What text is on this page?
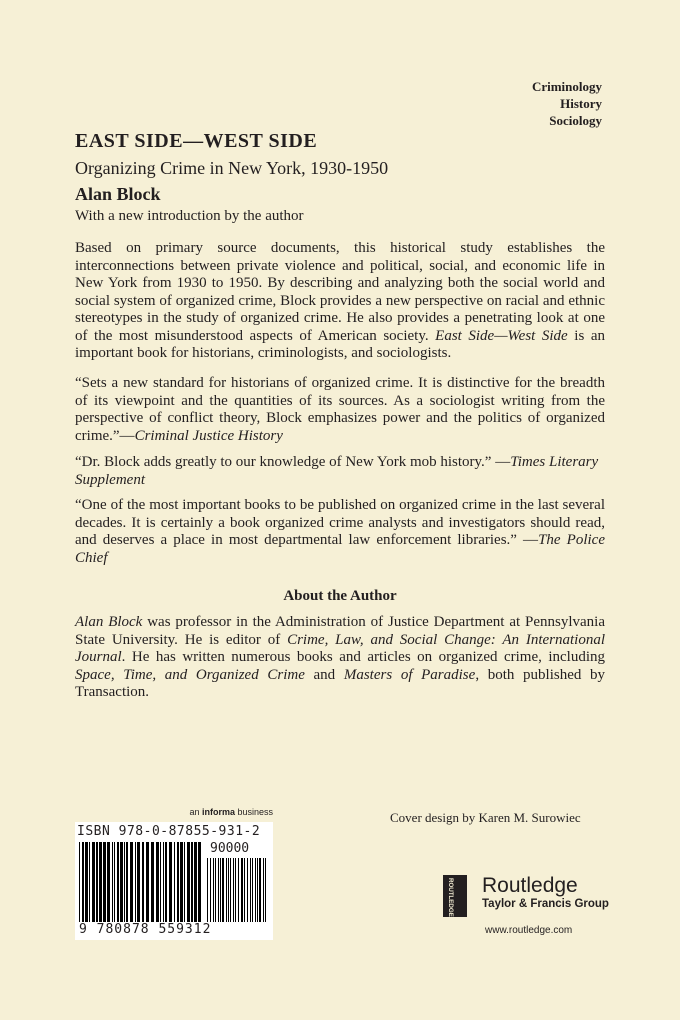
Criminology
History
Sociology
EAST SIDE—WEST SIDE
Organizing Crime in New York, 1930-1950
Alan Block
With a new introduction by the author
Based on primary source documents, this historical study establishes the interconnections between private violence and political, social, and economic life in New York from 1930 to 1950. By describing and analyzing both the social world and social system of organized crime, Block provides a new perspective on racial and ethnic stereotypes in the study of organized crime. He also provides a penetrating look at one of the most misunderstood aspects of American society. East Side—West Side is an important book for historians, criminologists, and sociologists.
“Sets a new standard for historians of organized crime. It is distinctive for the breadth of its viewpoint and the quantities of its sources. As a sociologist writing from the perspective of conflict theory, Block emphasizes power and the politics of organized crime.”—Criminal Justice History
“Dr. Block adds greatly to our knowledge of New York mob history.” —Times Literary Supplement
“One of the most important books to be published on organized crime in the last several decades. It is certainly a book organized crime analysts and investigators should read, and deserves a place in most departmental law enforcement libraries.” —The Police Chief
About the Author
Alan Block was professor in the Administration of Justice Department at Pennsylvania State University. He is editor of Crime, Law, and Social Change: An International Journal. He has written numerous books and articles on organized crime, including Space, Time, and Organized Crime and Masters of Paradise, both published by Transaction.
an informa business
ISBN 978-0-87855-931-2
90000
9 780878 559312
Cover design by Karen M. Surowiec
ROUTLEDGE Routledge
Taylor & Francis Group
www.routledge.com
